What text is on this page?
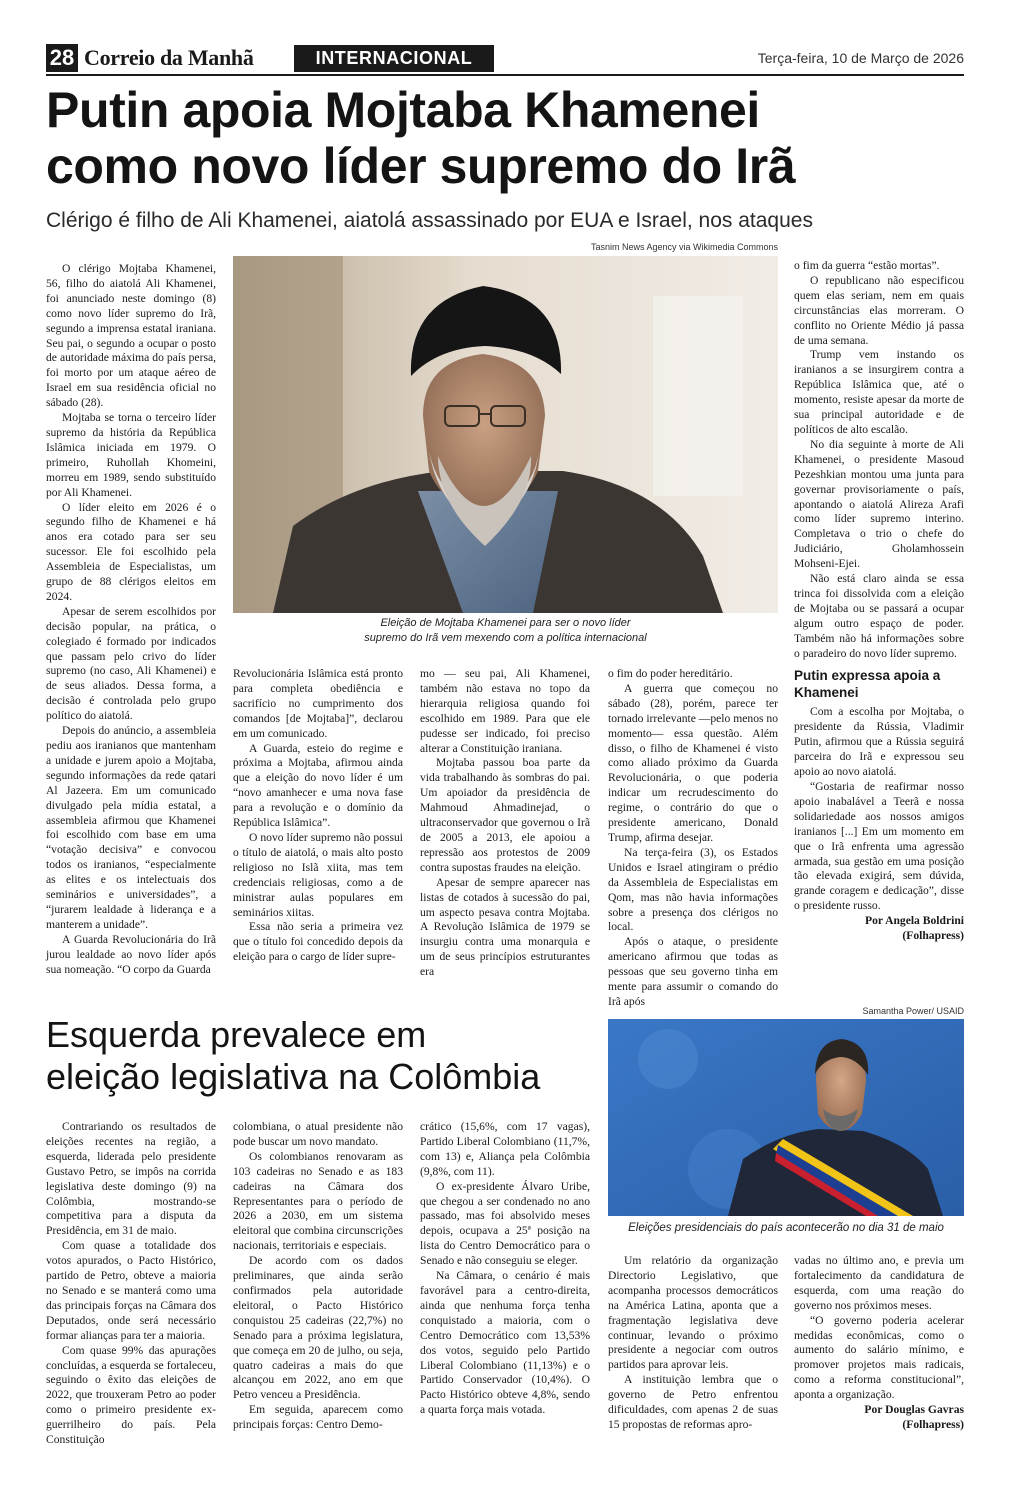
28 Correio da Manhã	INTERNACIONAL	Terça-feira, 10 de Março de 2026
Putin apoia Mojtaba Khamenei
como novo líder supremo do Irã
Clérigo é filho de Ali Khamenei, aiatolá assassinado por EUA e Israel, nos ataques
Tasnim News Agency via Wikimedia Commons
Eleição de Mojtaba Khamenei para ser o novo líder
supremo do Irã vem mexendo com a política internacional

O clérigo Mojtaba Khamenei, 56, filho do aiatolá Ali Khamenei, foi anunciado neste domingo (8) como novo líder supremo do Irã, segundo a imprensa estatal iraniana. Seu pai, o segundo a ocupar o posto de autoridade máxima do país persa, foi morto por um ataque aéreo de Israel em sua residência oficial no sábado (28).

Mojtaba se torna o terceiro líder supremo da história da República Islâmica iniciada em 1979. O primeiro, Ruhollah Khomeini, morreu em 1989, sendo substituído por Ali Khamenei.

O líder eleito em 2026 é o segundo filho de Khamenei e há anos era cotado para ser seu sucessor. Ele foi escolhido pela Assembleia de Especialistas, um grupo de 88 clérigos eleitos em 2024.

Apesar de serem escolhidos por decisão popular, na prática, o colegiado é formado por indicados que passam pelo crivo do líder supremo (no caso, Ali Khamenei) e de seus aliados. Dessa forma, a decisão é controlada pelo grupo político do aiatolá.

Depois do anúncio, a assembleia pediu aos iranianos que mantenham a unidade e jurem apoio a Mojtaba, segundo informações da rede qatari Al Jazeera. Em um comunicado divulgado pela mídia estatal, a assembleia afirmou que Khamenei foi escolhido com base em uma “votação decisiva” e convocou todos os iranianos, “especialmente as elites e os intelectuais dos seminários e universidades”, a “jurarem lealdade à liderança e a manterem a unidade”.

A Guarda Revolucionária do Irã jurou lealdade ao novo líder após sua nomeação. “O corpo da Guarda

Revolucionária Islâmica está pronto para completa obediência e sacrifício no cumprimento dos comandos [de Mojtaba]”, declarou em um comunicado.

A Guarda, esteio do regime e próxima a Mojtaba, afirmou ainda que a eleição do novo líder é um “novo amanhecer e uma nova fase para a revolução e o domínio da República Islâmica”.

O novo líder supremo não possui o título de aiatolá, o mais alto posto religioso no Islã xiita, mas tem credenciais religiosas, como a de ministrar aulas populares em seminários xiitas.

Essa não seria a primeira vez que o título foi concedido depois da eleição para o cargo de líder supre-

mo — seu pai, Ali Khamenei, também não estava no topo da hierarquia religiosa quando foi escolhido em 1989. Para que ele pudesse ser indicado, foi preciso alterar a Constituição iraniana.

Mojtaba passou boa parte da vida trabalhando às sombras do pai. Um apoiador da presidência de Mahmoud Ahmadinejad, o ultraconservador que governou o Irã de 2005 a 2013, ele apoiou a repressão aos protestos de 2009 contra supostas fraudes na eleição.

Apesar de sempre aparecer nas listas de cotados à sucessão do pai, um aspecto pesava contra Mojtaba. A Revolução Islâmica de 1979 se insurgiu contra uma monarquia e um de seus princípios estruturantes era

o fim do poder hereditário.

A guerra que começou no sábado (28), porém, parece ter tornado irrelevante —pelo menos no momento— essa questão. Além disso, o filho de Khamenei é visto como aliado próximo da Guarda Revolucionária, o que poderia indicar um recrudescimento do regime, o contrário do que o presidente americano, Donald Trump, afirma desejar.

Na terça-feira (3), os Estados Unidos e Israel atingiram o prédio da Assembleia de Especialistas em Qom, mas não havia informações sobre a presença dos clérigos no local.

Após o ataque, o presidente americano afirmou que todas as pessoas que seu governo tinha em mente para assumir o comando do Irã após

o fim da guerra “estão mortas”.

O republicano não especificou quem elas seriam, nem em quais circunstâncias elas morreram. O conflito no Oriente Médio já passa de uma semana.

Trump vem instando os iranianos a se insurgirem contra a República Islâmica que, até o momento, resiste apesar da morte de sua principal autoridade e de políticos de alto escalão.

No dia seguinte à morte de Ali Khamenei, o presidente Masoud Pezeshkian montou uma junta para governar provisoriamente o país, apontando o aiatolá Alireza Arafi como líder supremo interino. Completava o trio o chefe do Judiciário, Gholamhossein Mohseni-Ejei.

Não está claro ainda se essa trinca foi dissolvida com a eleição de Mojtaba ou se passará a ocupar algum outro espaço de poder. Também não há informações sobre o paradeiro do novo líder supremo.

Putin expressa apoia a Khamenei

Com a escolha por Mojtaba, o presidente da Rússia, Vladimir Putin, afirmou que a Rússia seguirá parceira do Irã e expressou seu apoio ao novo aiatolá.

“Gostaria de reafirmar nosso apoio inabalável a Teerã e nossa solidariedade aos nossos amigos iranianos [...] Em um momento em que o Irã enfrenta uma agressão armada, sua gestão em uma posição tão elevada exigirá, sem dúvida, grande coragem e dedicação”, disse o presidente russo.

Por Angela Boldrini

(Folhapress)

Esquerda prevalece em
eleição legislativa na Colômbia
Samantha Power/ USAID
Eleições presidenciais do país acontecerão no dia 31 de maio

Contrariando os resultados de eleições recentes na região, a esquerda, liderada pelo presidente Gustavo Petro, se impôs na corrida legislativa deste domingo (9) na Colômbia, mostrando-se competitiva para a disputa da Presidência, em 31 de maio.

Com quase a totalidade dos votos apurados, o Pacto Histórico, partido de Petro, obteve a maioria no Senado e se manterá como uma das principais forças na Câmara dos Deputados, onde será necessário formar alianças para ter a maioria.

Com quase 99% das apurações concluídas, a esquerda se fortaleceu, seguindo o êxito das eleições de 2022, que trouxeram Petro ao poder como o primeiro presidente ex-guerrilheiro do país. Pela Constituição

colombiana, o atual presidente não pode buscar um novo mandato.

Os colombianos renovaram as 103 cadeiras no Senado e as 183 cadeiras na Câmara dos Representantes para o período de 2026 a 2030, em um sistema eleitoral que combina circunscrições nacionais, territoriais e especiais.

De acordo com os dados preliminares, que ainda serão confirmados pela autoridade eleitoral, o Pacto Histórico conquistou 25 cadeiras (22,7%) no Senado para a próxima legislatura, que começa em 20 de julho, ou seja, quatro cadeiras a mais do que alcançou em 2022, ano em que Petro venceu a Presidência.

Em seguida, aparecem como principais forças: Centro Demo-

crático (15,6%, com 17 vagas), Partido Liberal Colombiano (11,7%, com 13) e, Aliança pela Colômbia (9,8%, com 11).

O ex-presidente Álvaro Uribe, que chegou a ser condenado no ano passado, mas foi absolvido meses depois, ocupava a 25ª posição na lista do Centro Democrático para o Senado e não conseguiu se eleger.

Na Câmara, o cenário é mais favorável para a centro-direita, ainda que nenhuma força tenha conquistado a maioria, com o Centro Democrático com 13,53% dos votos, seguido pelo Partido Liberal Colombiano (11,13%) e o Partido Conservador (10,4%). O Pacto Histórico obteve 4,8%, sendo a quarta força mais votada.

Um relatório da organização Directorio Legislativo, que acompanha processos democráticos na América Latina, aponta que a fragmentação legislativa deve continuar, levando o próximo presidente a negociar com outros partidos para aprovar leis.

A instituição lembra que o governo de Petro enfrentou dificuldades, com apenas 2 de suas 15 propostas de reformas apro-

vadas no último ano, e previa um fortalecimento da candidatura de esquerda, com uma reação do governo nos próximos meses.

“O governo poderia acelerar medidas econômicas, como o aumento do salário mínimo, e promover projetos mais radicais, como a reforma constitucional”, aponta a organização.

Por Douglas Gavras

(Folhapress)
